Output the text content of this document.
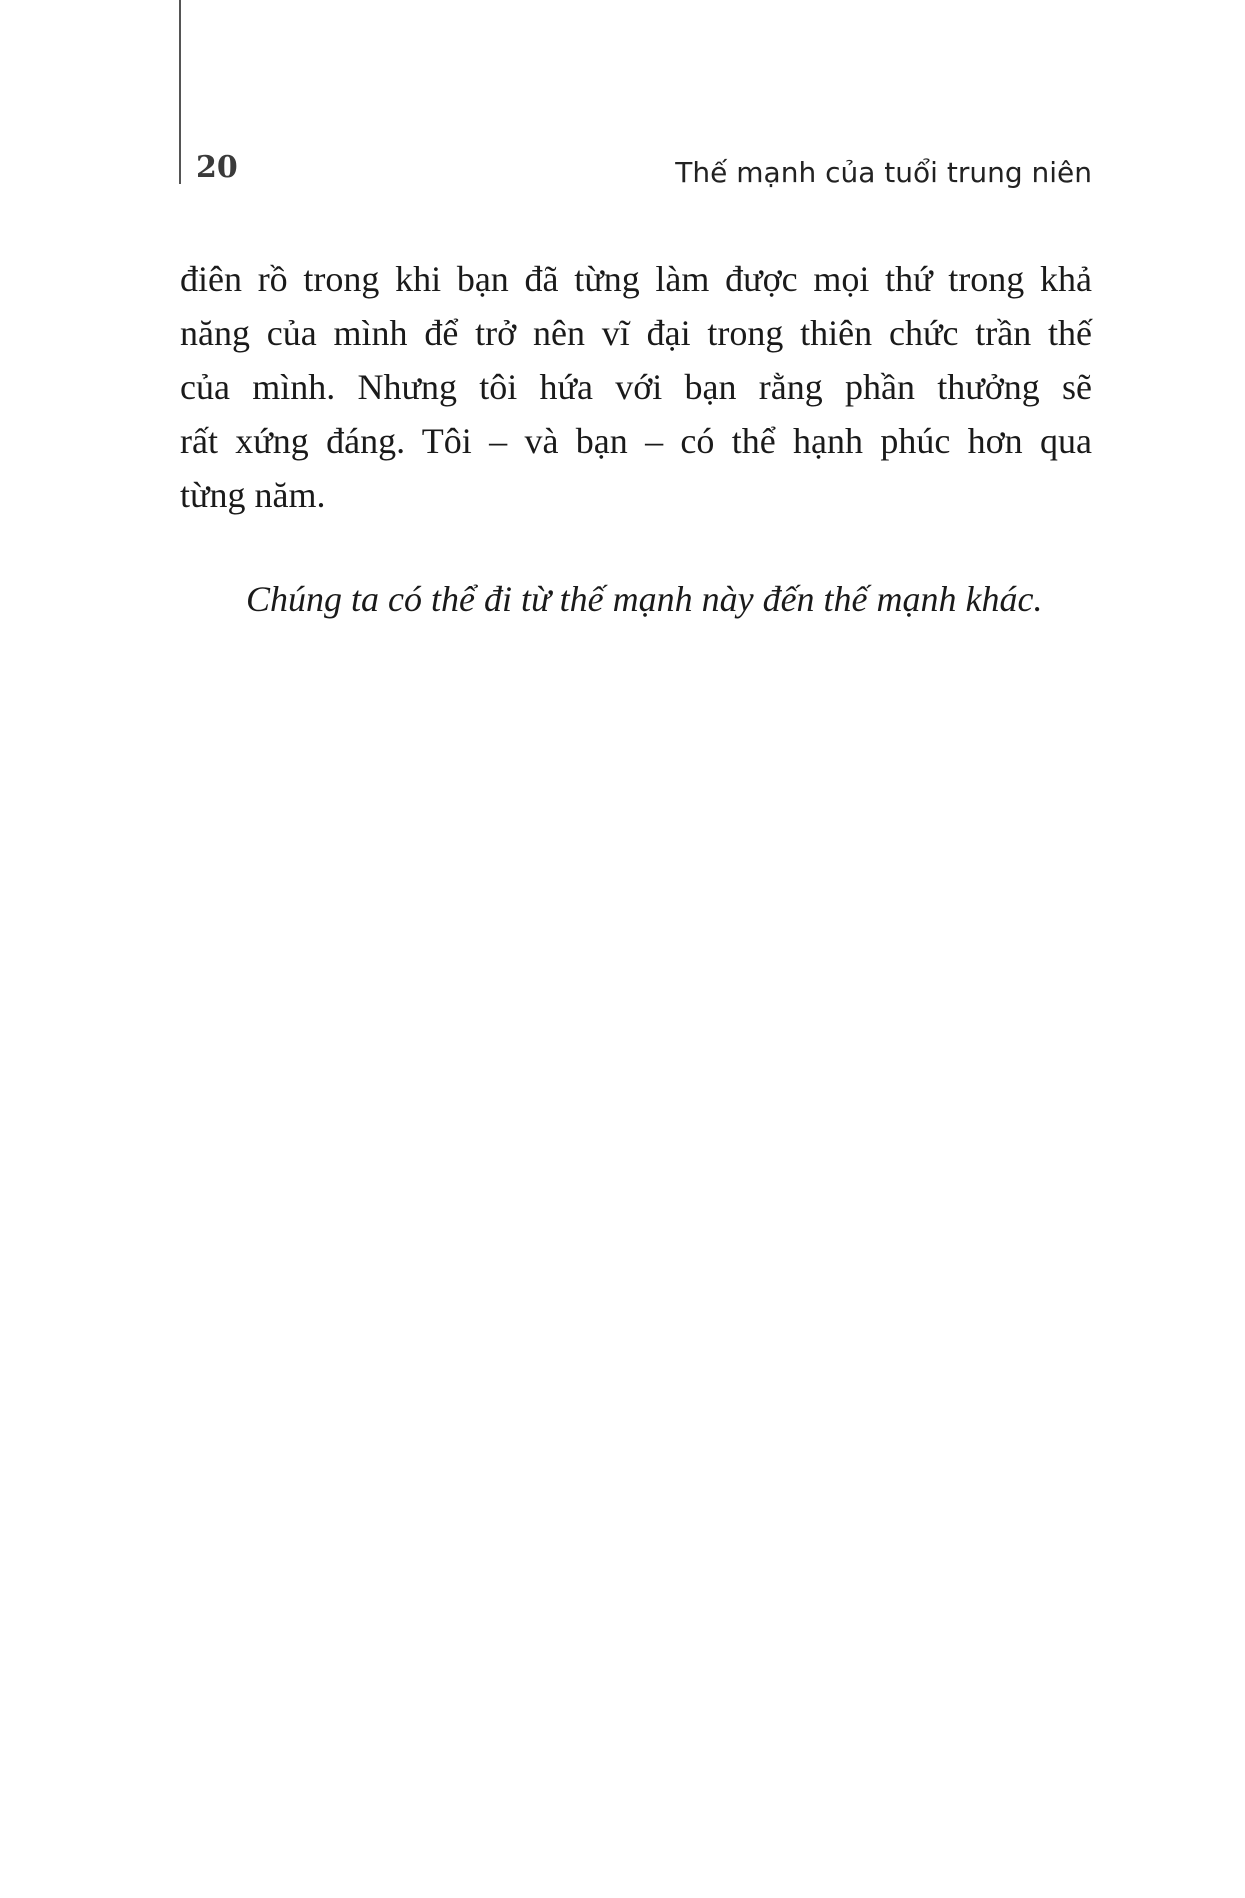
20	Thế mạnh của tuổi trung niên

điên rồ trong khi bạn đã từng làm được mọi thứ trong khả
năng của mình để trở nên vĩ đại trong thiên chức trần thế
của mình. Nhưng tôi hứa với bạn rằng phần thưởng sẽ
rất xứng đáng. Tôi – và bạn – có thể hạnh phúc hơn qua
từng năm.

Chúng ta có thể đi từ thế mạnh này đến thế mạnh khác.
